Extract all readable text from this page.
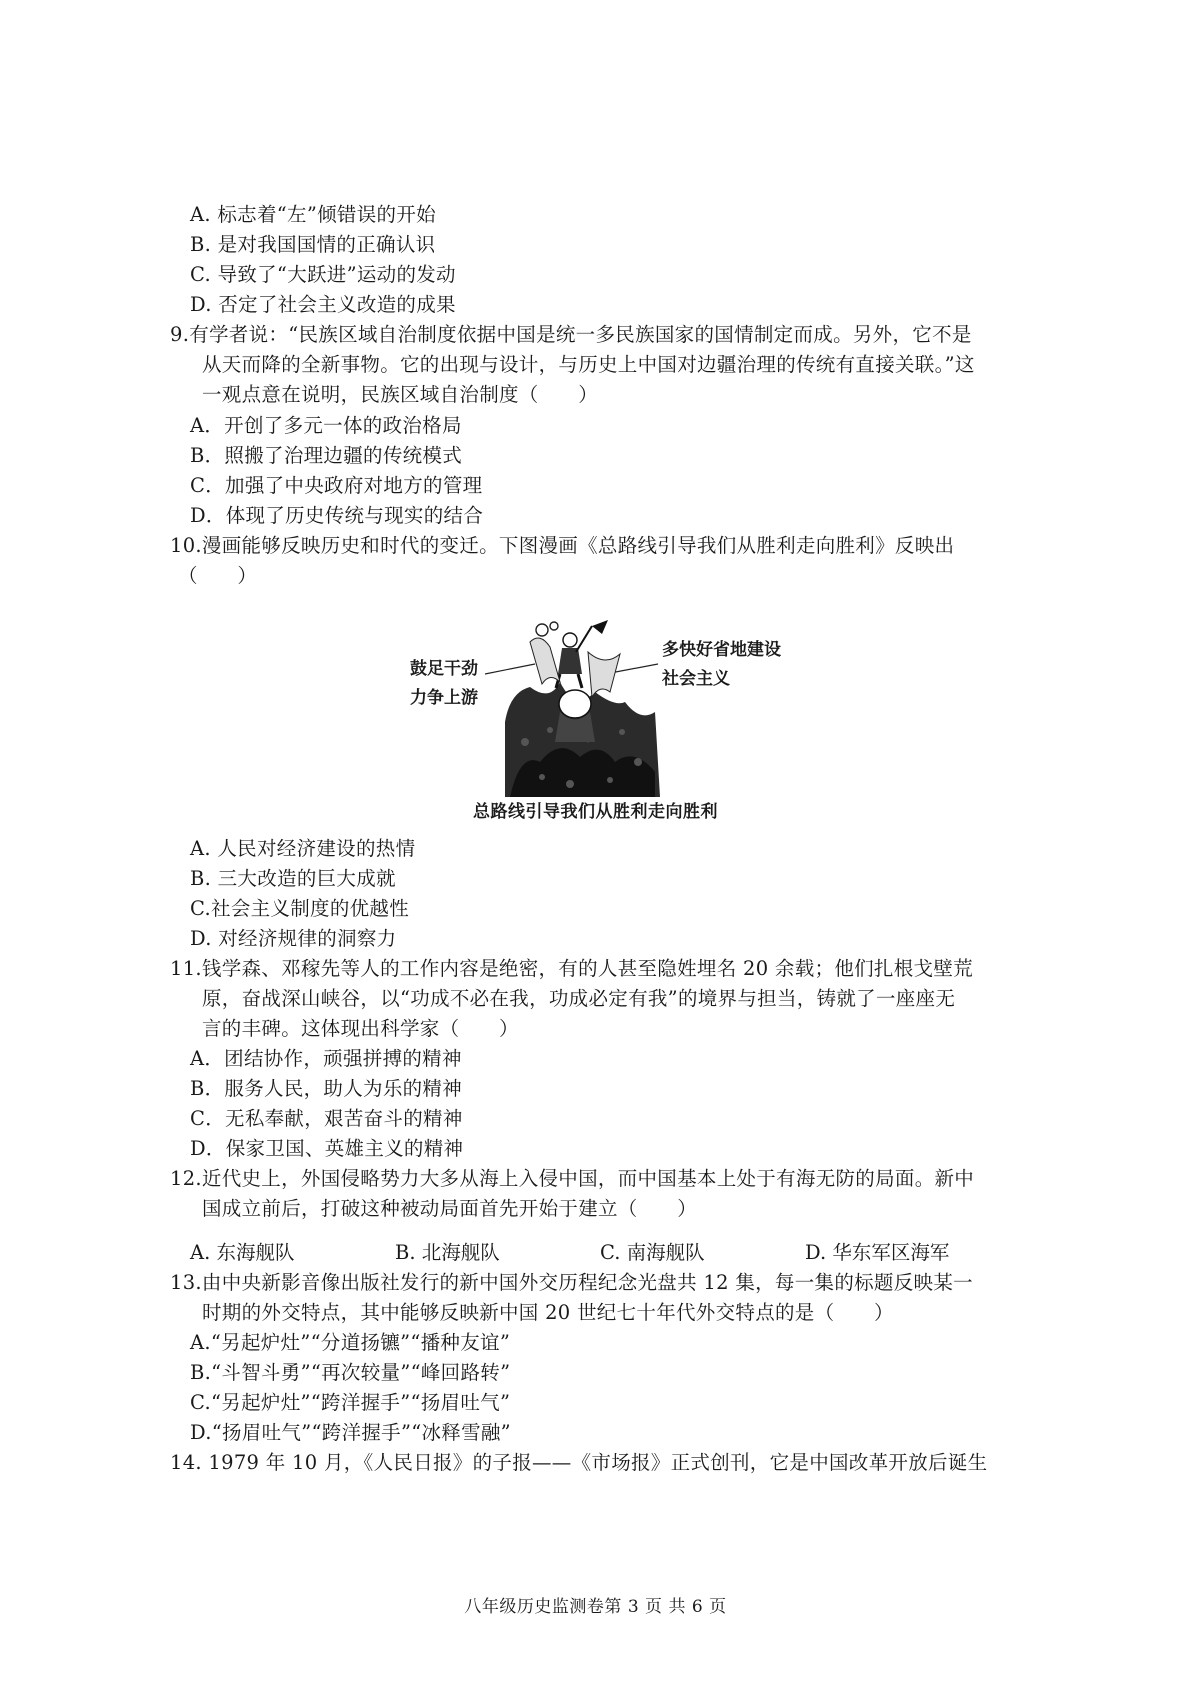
A. 标志着“左”倾错误的开始
B. 是对我国国情的正确认识
C. 导致了“大跃进”运动的发动
D. 否定了社会主义改造的成果
9.有学者说：“民族区域自治制度依据中国是统一多民族国家的国情制定而成。另外，它不是
从天而降的全新事物。它的出现与设计，与历史上中国对边疆治理的传统有直接关联。”这
一观点意在说明，民族区域自治制度（　　）
A．开创了多元一体的政治格局
B．照搬了治理边疆的传统模式
C．加强了中央政府对地方的管理
D．体现了历史传统与现实的结合
10.漫画能够反映历史和时代的变迁。下图漫画《总路线引导我们从胜利走向胜利》反映出
（　　）
鼓足干劲
力争上游
多快好省地建设
社会主义
总路线引导我们从胜利走向胜利
A. 人民对经济建设的热情
B. 三大改造的巨大成就
C.社会主义制度的优越性
D. 对经济规律的洞察力
11.钱学森、邓稼先等人的工作内容是绝密，有的人甚至隐姓埋名 20 余载；他们扎根戈壁荒
原，奋战深山峡谷，以“功成不必在我，功成必定有我”的境界与担当，铸就了一座座无
言的丰碑。这体现出科学家（　　）
A．团结协作，顽强拼搏的精神
B．服务人民，助人为乐的精神
C．无私奉献，艰苦奋斗的精神
D．保家卫国、英雄主义的精神
12.近代史上，外国侵略势力大多从海上入侵中国，而中国基本上处于有海无防的局面。新中
国成立前后，打破这种被动局面首先开始于建立（　　）
A. 东海舰队	B. 北海舰队	C. 南海舰队	D. 华东军区海军
13.由中央新影音像出版社发行的新中国外交历程纪念光盘共 12 集，每一集的标题反映某一
时期的外交特点，其中能够反映新中国 20 世纪七十年代外交特点的是（　　）
A.“另起炉灶”“分道扬镳”“播种友谊”
B.“斗智斗勇”“再次较量”“峰回路转”
C.“另起炉灶”“跨洋握手”“扬眉吐气”
D.“扬眉吐气”“跨洋握手”“冰释雪融”
14. 1979 年 10 月，《人民日报》的子报——《市场报》正式创刊，它是中国改革开放后诞生
八年级历史监测卷第 3 页 共 6 页
